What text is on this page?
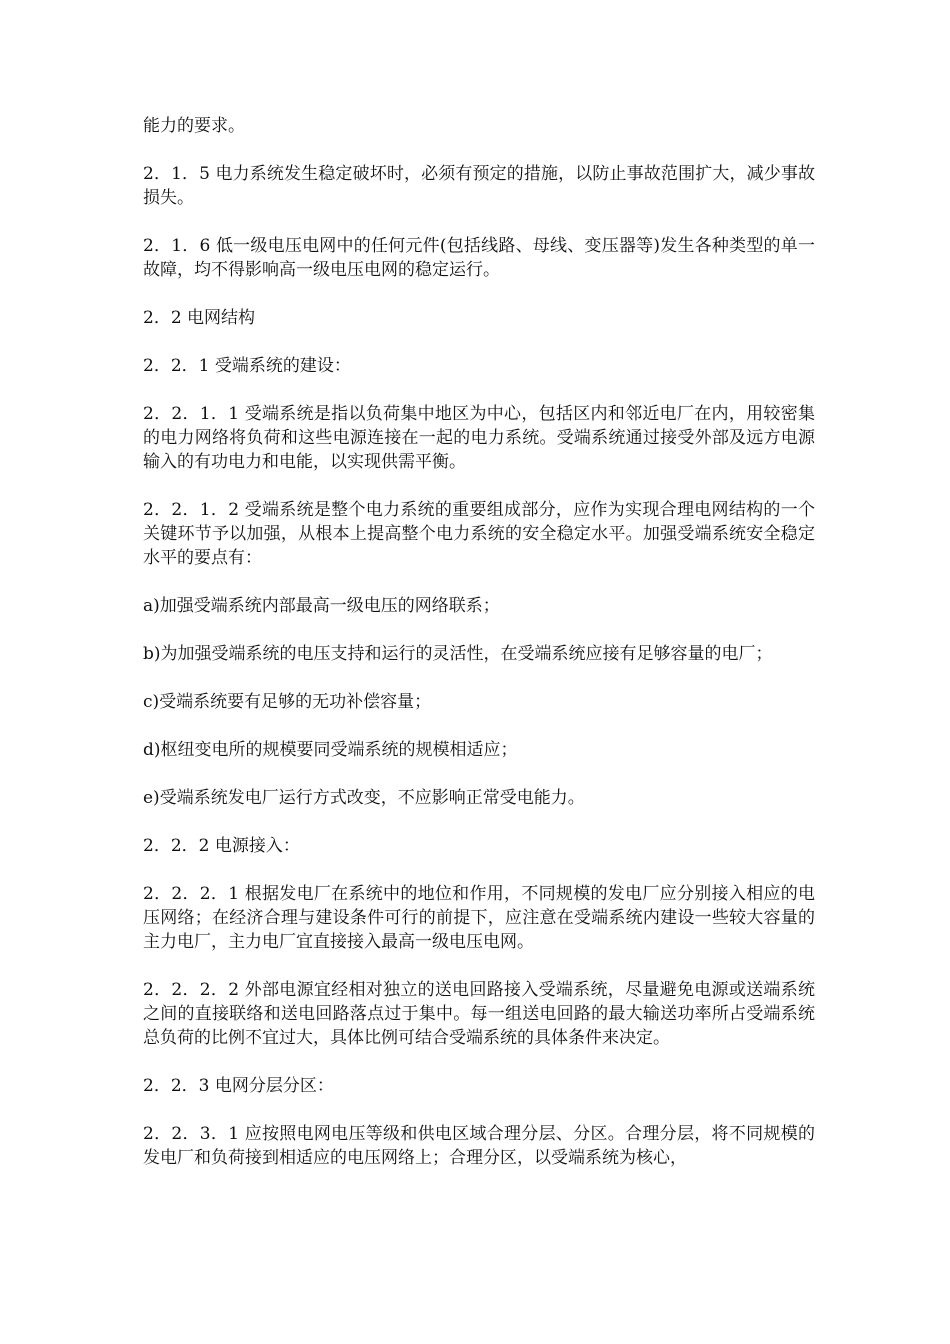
能力的要求。

2．1．5 电力系统发生稳定破坏时，必须有预定的措施，以防止事故范围扩大，减少事故损失。

2．1．6 低一级电压电网中的任何元件(包括线路、母线、变压器等)发生各种类型的单一故障，均不得影响高一级电压电网的稳定运行。

2．2 电网结构

2．2．1 受端系统的建设：

2．2．1．1 受端系统是指以负荷集中地区为中心，包括区内和邻近电厂在内，用较密集的电力网络将负荷和这些电源连接在一起的电力系统。受端系统通过接受外部及远方电源输入的有功电力和电能，以实现供需平衡。

2．2．1．2 受端系统是整个电力系统的重要组成部分，应作为实现合理电网结构的一个关键环节予以加强，从根本上提高整个电力系统的安全稳定水平。加强受端系统安全稳定水平的要点有：

a)加强受端系统内部最高一级电压的网络联系；

b)为加强受端系统的电压支持和运行的灵活性，在受端系统应接有足够容量的电厂；

c)受端系统要有足够的无功补偿容量；

d)枢纽变电所的规模要同受端系统的规模相适应；

e)受端系统发电厂运行方式改变，不应影响正常受电能力。

2．2．2 电源接入：

2．2．2．1 根据发电厂在系统中的地位和作用，不同规模的发电厂应分别接入相应的电压网络；在经济合理与建设条件可行的前提下，应注意在受端系统内建设一些较大容量的主力电厂，主力电厂宜直接接入最高一级电压电网。

2．2．2．2 外部电源宜经相对独立的送电回路接入受端系统，尽量避免电源或送端系统之间的直接联络和送电回路落点过于集中。每一组送电回路的最大输送功率所占受端系统总负荷的比例不宜过大，具体比例可结合受端系统的具体条件来决定。

2．2．3 电网分层分区：

2．2．3．1 应按照电网电压等级和供电区域合理分层、分区。合理分层，将不同规模的发电厂和负荷接到相适应的电压网络上；合理分区，以受端系统为核心，
